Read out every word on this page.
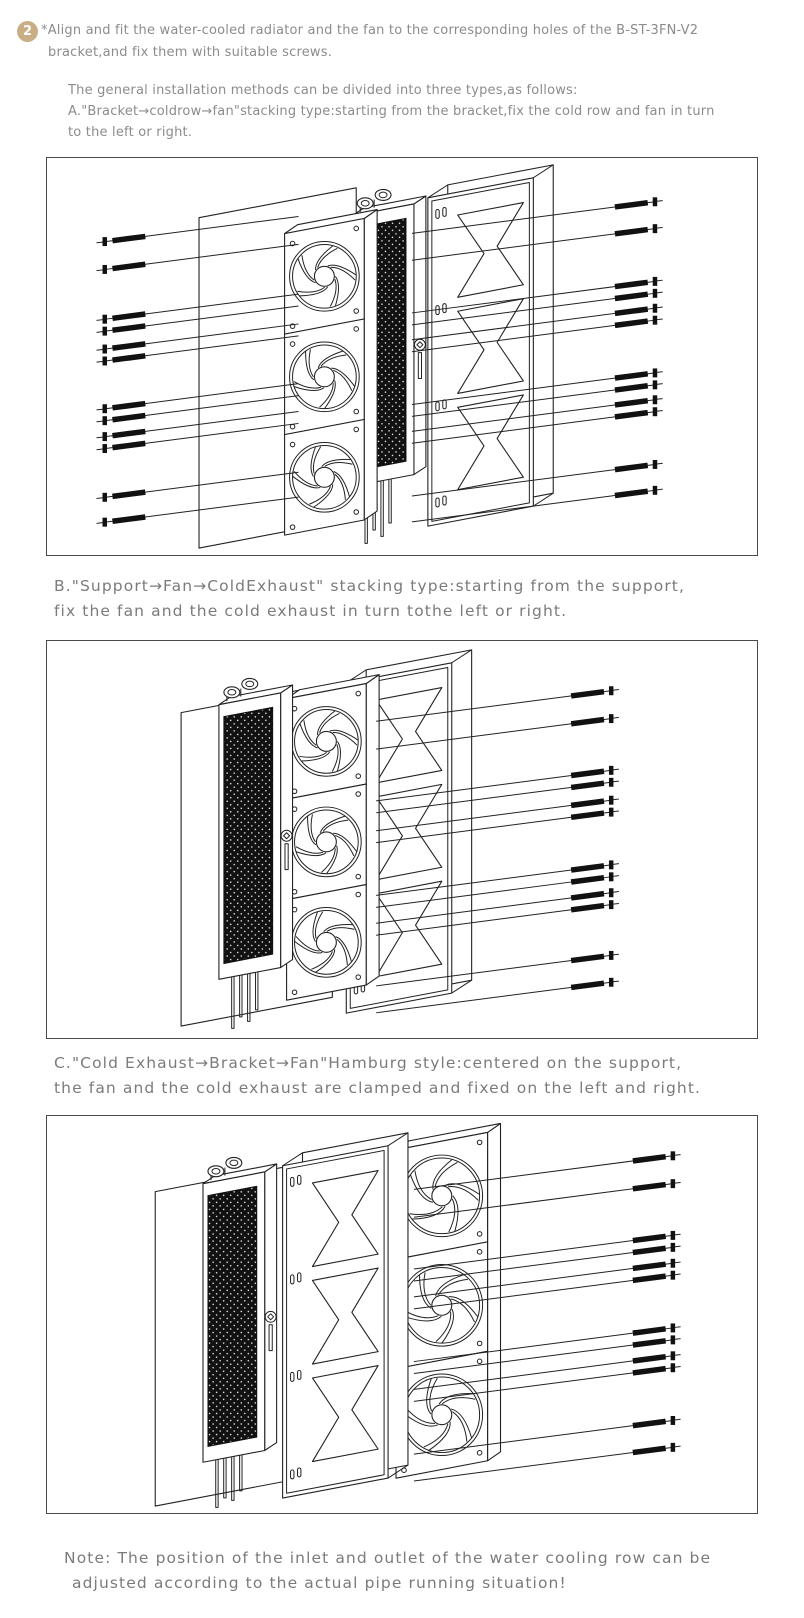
2 *Align and fit the water-cooled radiator and the fan to the corresponding holes of the B-ST-3FN-V2
bracket,and fix them with suitable screws.
The general installation methods can be divided into three types,as follows:
A."Bracket→coldrow→fan"stacking type:starting from the bracket,fix the cold row and fan in turn
to the left or right.

B."Support→Fan→ColdExhaust" stacking type:starting from the support,
fix the fan and the cold exhaust in turn tothe left or right.

C."Cold Exhaust→Bracket→Fan"Hamburg style:centered on the support,
the fan and the cold exhaust are clamped and fixed on the left and right.

Note: The position of the inlet and outlet of the water cooling row can be
adjusted according to the actual pipe running situation!
